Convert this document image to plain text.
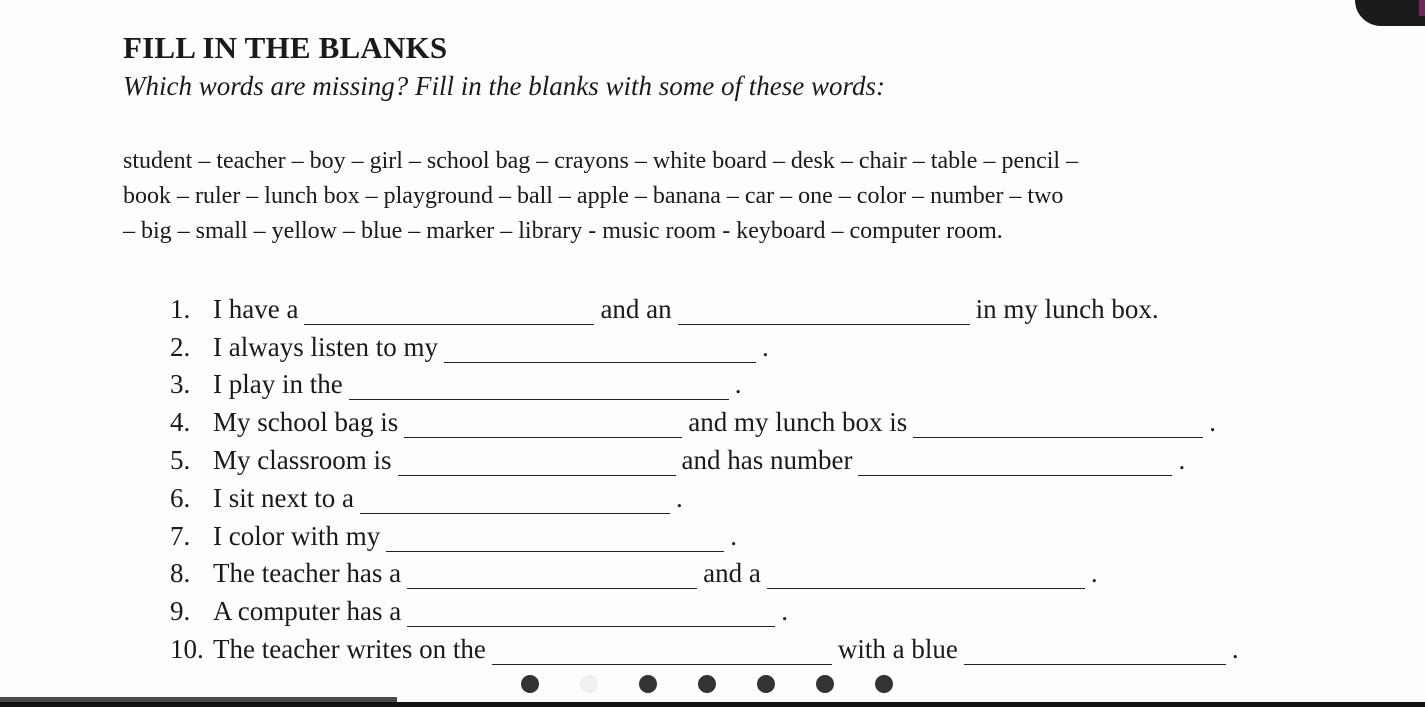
FILL IN THE BLANKS
Which words are missing? Fill in the blanks with some of these words:
student – teacher – boy – girl – school bag – crayons – white board – desk – chair – table – pencil –
book – ruler – lunch box – playground – ball – apple – banana – car – one – color – number – two
– big – small – yellow – blue – marker – library - music room - keyboard – computer room.
1. I have a	and an	in my lunch box.
2. I always listen to my	.
3. I play in the	.
4. My school bag is	and my lunch box is	.
5. My classroom is	and has number	.
6. I sit next to a	.
7. I color with my	.
8. The teacher has a	and a	.
9. A computer has a	.
10. The teacher writes on the	with a blue	.
